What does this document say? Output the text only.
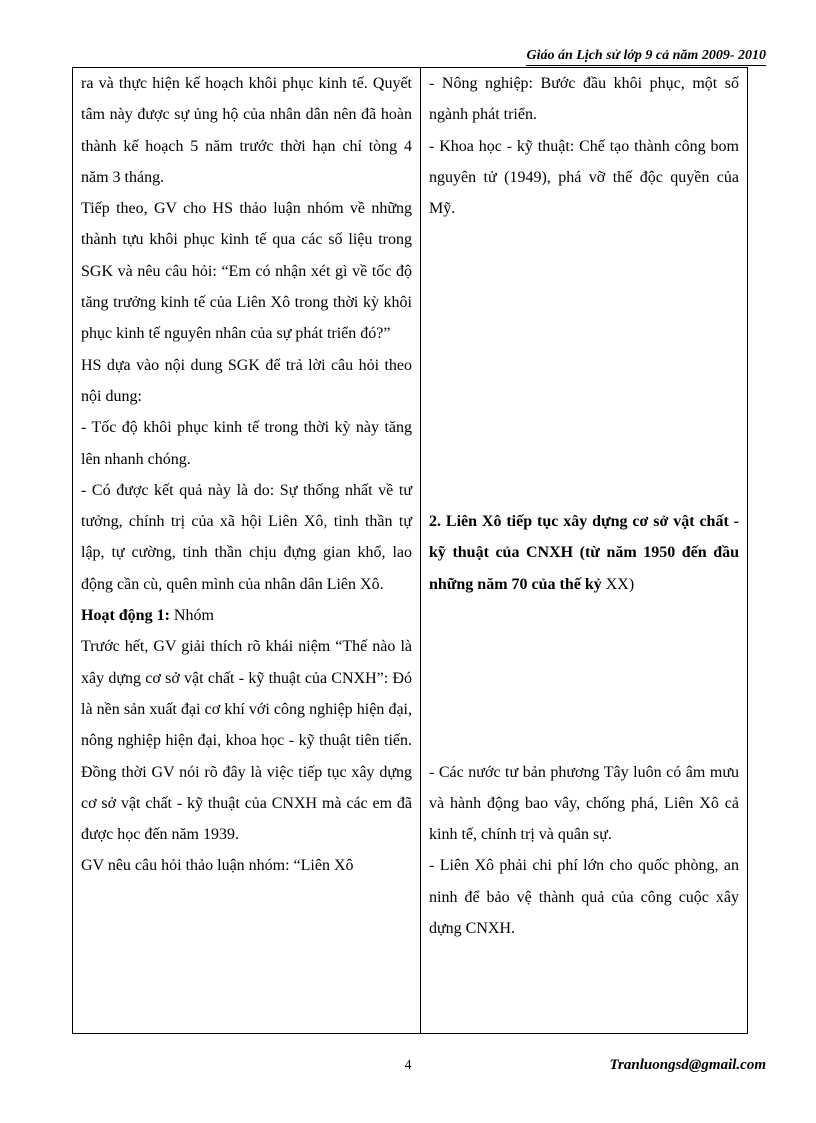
Giáo án Lịch sử lớp 9 cả năm 2009- 2010

ra và thực hiện kế hoạch khôi phục kinh tế. Quyết tâm này được sự ủng hộ của nhân dân nên đã hoàn thành kế hoạch 5 năm trước thời hạn chỉ tòng 4 năm 3 tháng.

Tiếp theo, GV cho HS thảo luận nhóm về những thành tựu khôi phục kinh tế qua các số liệu trong SGK và nêu câu hỏi: “Em có nhận xét gì về tốc độ tăng trưởng kinh tế của Liên Xô trong thời kỳ khôi phục kinh tế nguyên nhân của sự phát triển đó?”

HS dựa vào nội dung SGK để trả lời câu hỏi theo nội dung:

- Tốc độ khôi phục kinh tế trong thời kỳ này tăng lên nhanh chóng.

- Có được kết quả này là do: Sự thống nhất về tư tưởng, chính trị của xã hội Liên Xô, tinh thần tự lập, tự cường, tinh thần chịu đựng gian khổ, lao động cần cù, quên mình của nhân dân Liên Xô.

Hoạt động 1: Nhóm

Trước hết, GV giải thích rõ khái niệm “Thế nào là xây dựng cơ sở vật chất - kỹ thuật của CNXH”: Đó là nền sản xuất đại cơ khí với công nghiệp hiện đại, nông nghiệp hiện đại, khoa học - kỹ thuật tiên tiến. Đồng thời GV nói rõ đây là việc tiếp tục xây dựng cơ sở vật chất - kỹ thuật của CNXH mà các em đã được học đến năm 1939.

GV nêu câu hỏi thảo luận nhóm: “Liên Xô

- Nông nghiệp: Bước đầu khôi phục, một số ngành phát triển.

- Khoa học - kỹ thuật: Chế tạo thành công bom nguyên tử (1949), phá vỡ thế độc quyền của Mỹ.

2. Liên Xô tiếp tục xây dựng cơ sở vật chất - kỹ thuật của CNXH (từ năm 1950 đến đầu những năm 70 của thế kỷ XX)

- Các nước tư bản phương Tây luôn có âm mưu và hành động bao vây, chống phá, Liên Xô cả kinh tế, chính trị và quân sự.

- Liên Xô phải chi phí lớn cho quốc phòng, an ninh để bảo vệ thành quả của công cuộc xây dựng CNXH.

4	Tranluongsd@gmail.com
